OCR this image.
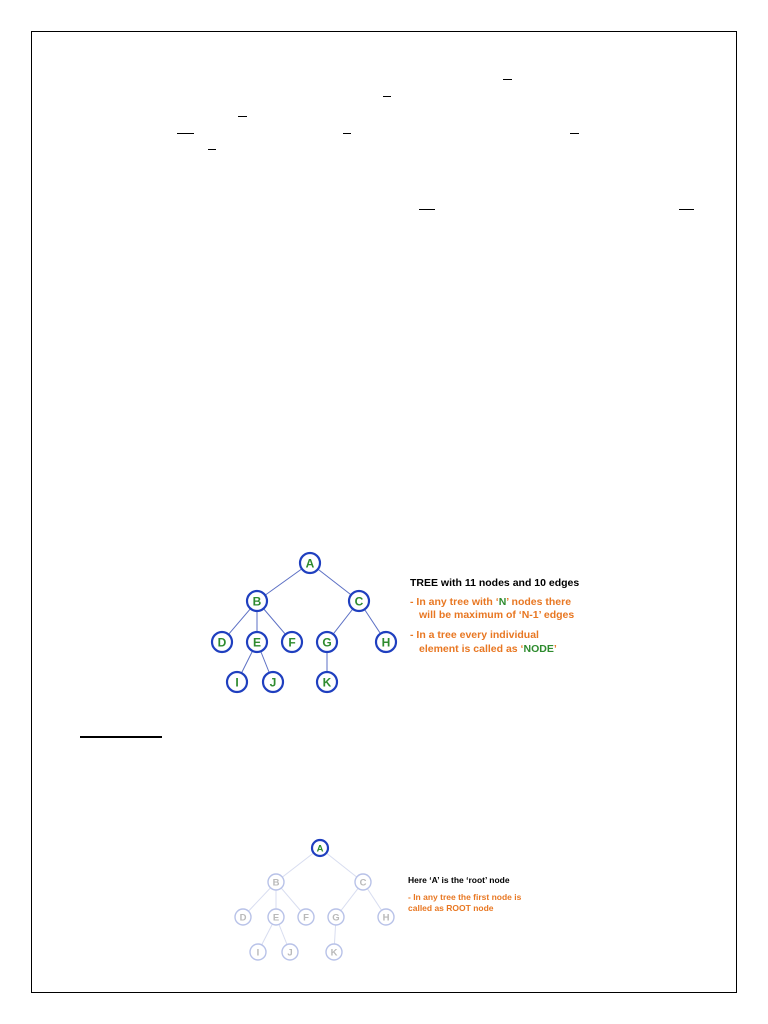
A
B	C
D E F G	H
I	J	K
TREE with 11 nodes and 10 edges
- In any tree with ‘N’ nodes there
will be maximum of ‘N-1’ edges
- In a tree every individual
element is called as ‘NODE’
A
B	C
D	E	F G	H
I	J	K
Here ‘A’ is the ‘root’ node
- In any tree the first node is
called as ROOT node
